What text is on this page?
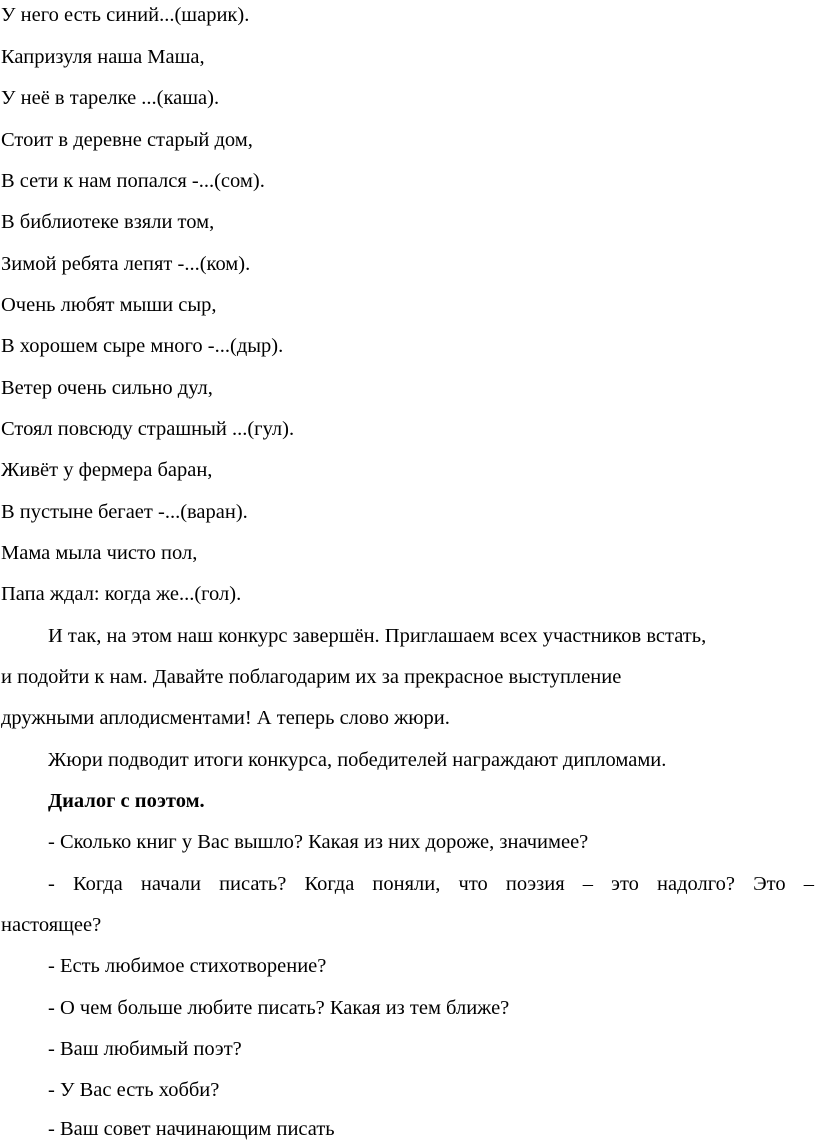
У него есть синий...(шарик).
Капризуля наша Маша,
У неё в тарелке ...(каша).
Стоит в деревне старый дом,
В сети к нам попался -...(сом).
В библиотеке взяли том,
Зимой ребята лепят -...(ком).
Очень любят мыши сыр,
В хорошем сыре много -...(дыр).
Ветер очень сильно дул,
Стоял повсюду страшный ...(гул).
Живёт у фермера баран,
В пустыне бегает -...(варан).
Мама мыла чисто пол,
Папа ждал: когда же...(гол).
И так, на этом наш конкурс завершён. Приглашаем всех участников встать,
и подойти к нам. Давайте поблагодарим их за прекрасное выступление
дружными аплодисментами! А теперь слово жюри.
Жюри подводит итоги конкурса, победителей награждают дипломами.
Диалог с поэтом.
- Сколько книг у Вас вышло? Какая из них дороже, значимее?
- Когда начали писать? Когда поняли, что поэзия – это надолго? Это –
настоящее?
- Есть любимое стихотворение?
- О чем больше любите писать? Какая из тем ближе?
- Ваш любимый поэт?
- У Вас есть хобби?
- Ваш совет начинающим писать
